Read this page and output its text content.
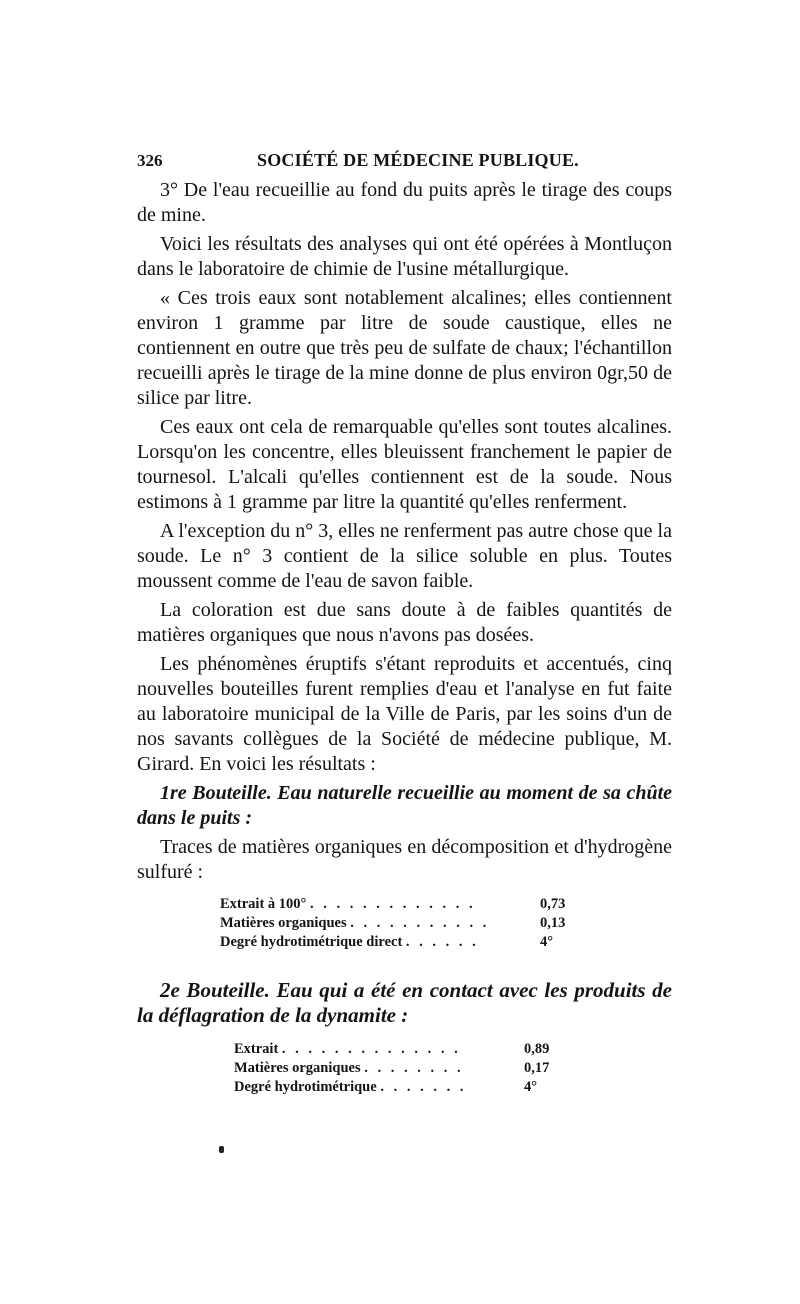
326	SOCIÉTÉ DE MÉDECINE PUBLIQUE.

3° De l'eau recueillie au fond du puits après le tirage des coups de mine.

Voici les résultats des analyses qui ont été opérées à Montluçon dans le laboratoire de chimie de l'usine métallurgique.

« Ces trois eaux sont notablement alcalines; elles contiennent environ 1 gramme par litre de soude caustique, elles ne contiennent en outre que très peu de sulfate de chaux; l'échantillon recueilli après le tirage de la mine donne de plus environ 0gr,50 de silice par litre.

Ces eaux ont cela de remarquable qu'elles sont toutes alcalines. Lorsqu'on les concentre, elles bleuissent franchement le papier de tournesol. L'alcali qu'elles contiennent est de la soude. Nous estimons à 1 gramme par litre la quantité qu'elles renferment.

A l'exception du n° 3, elles ne renferment pas autre chose que la soude. Le n° 3 contient de la silice soluble en plus. Toutes moussent comme de l'eau de savon faible.

La coloration est due sans doute à de faibles quantités de matières organiques que nous n'avons pas dosées.

Les phénomènes éruptifs s'étant reproduits et accentués, cinq nouvelles bouteilles furent remplies d'eau et l'analyse en fut faite au laboratoire municipal de la Ville de Paris, par les soins d'un de nos savants collègues de la Société de médecine publique, M. Girard. En voici les résultats :

1re Bouteille. Eau naturelle recueillie au moment de sa chûte dans le puits :

Traces de matières organiques en décomposition et d'hydrogène sulfuré :

Extrait à 100° . . . . . . . . . . . . .	0,73
Matières organiques . . . . . . . . . . .	0,13
Degré hydrotimétrique direct . . . . . .	4°

2e Bouteille. Eau qui a été en contact avec les produits de la déflagration de la dynamite :

Extrait . . . . . . . . . . . . . .	0,89
Matières organiques . . . . . . . .	0,17
Degré hydrotimétrique . . . . . . .	4°
